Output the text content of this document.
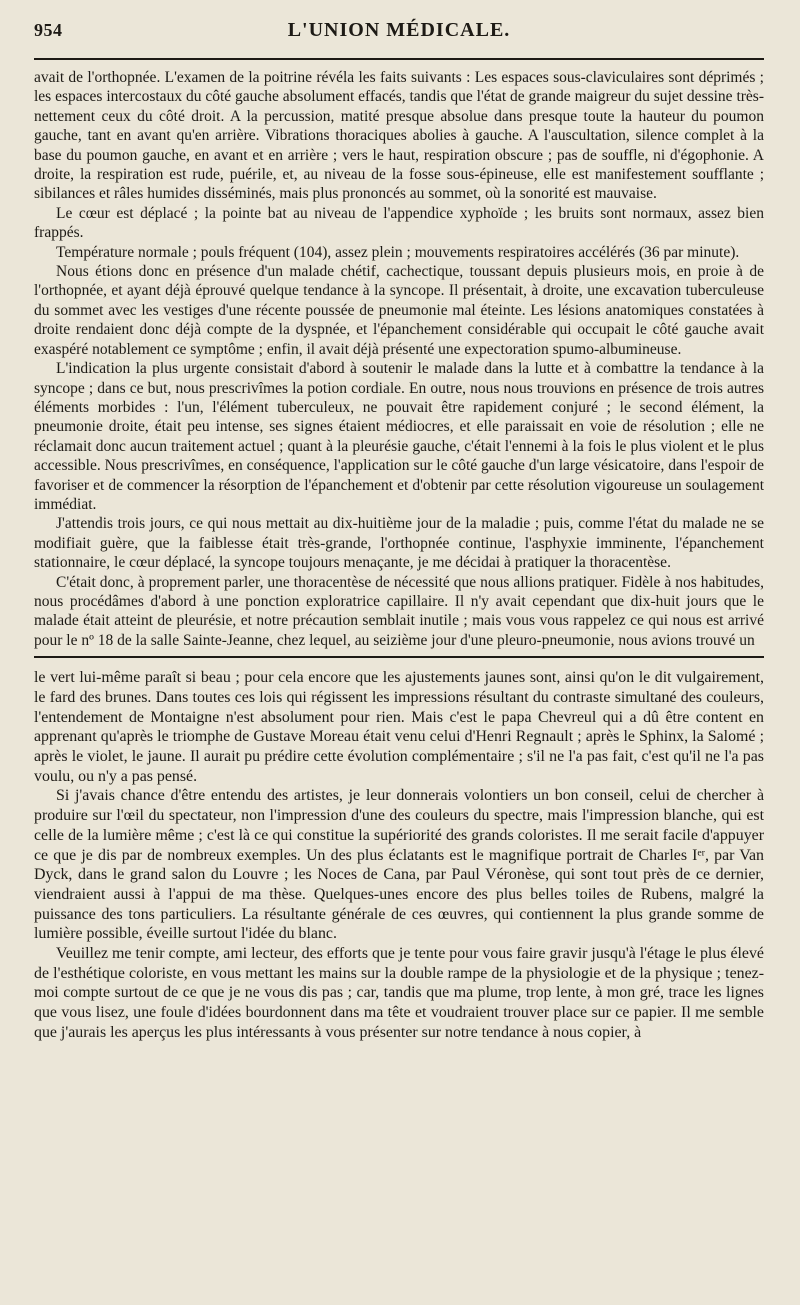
954	L'UNION MÉDICALE.

avait de l'orthopnée. L'examen de la poitrine révéla les faits suivants : Les espaces sous-claviculaires sont déprimés ; les espaces intercostaux du côté gauche absolument effacés, tandis que l'état de grande maigreur du sujet dessine très-nettement ceux du côté droit. A la percussion, matité presque absolue dans presque toute la hauteur du poumon gauche, tant en avant qu'en arrière. Vibrations thoraciques abolies à gauche. A l'auscultation, silence complet à la base du poumon gauche, en avant et en arrière ; vers le haut, respiration obscure ; pas de souffle, ni d'égophonie. A droite, la respiration est rude, puérile, et, au niveau de la fosse sous-épineuse, elle est manifestement soufflante ; sibilances et râles humides disséminés, mais plus prononcés au sommet, où la sonorité est mauvaise.

Le cœur est déplacé ; la pointe bat au niveau de l'appendice xyphoïde ; les bruits sont normaux, assez bien frappés.

Température normale ; pouls fréquent (104), assez plein ; mouvements respiratoires accélérés (36 par minute).

Nous étions donc en présence d'un malade chétif, cachectique, toussant depuis plusieurs mois, en proie à de l'orthopnée, et ayant déjà éprouvé quelque tendance à la syncope. Il présentait, à droite, une excavation tuberculeuse du sommet avec les vestiges d'une récente poussée de pneumonie mal éteinte. Les lésions anatomiques constatées à droite rendaient donc déjà compte de la dyspnée, et l'épanchement considérable qui occupait le côté gauche avait exaspéré notablement ce symptôme ; enfin, il avait déjà présenté une expectoration spumo-albumineuse.

L'indication la plus urgente consistait d'abord à soutenir le malade dans la lutte et à combattre la tendance à la syncope ; dans ce but, nous prescrivîmes la potion cordiale. En outre, nous nous trouvions en présence de trois autres éléments morbides : l'un, l'élément tuberculeux, ne pouvait être rapidement conjuré ; le second élément, la pneumonie droite, était peu intense, ses signes étaient médiocres, et elle paraissait en voie de résolution ; elle ne réclamait donc aucun traitement actuel ; quant à la pleurésie gauche, c'était l'ennemi à la fois le plus violent et le plus accessible. Nous prescrivîmes, en conséquence, l'application sur le côté gauche d'un large vésicatoire, dans l'espoir de favoriser et de commencer la résorption de l'épanchement et d'obtenir par cette résolution vigoureuse un soulagement immédiat.

J'attendis trois jours, ce qui nous mettait au dix-huitième jour de la maladie ; puis, comme l'état du malade ne se modifiait guère, que la faiblesse était très-grande, l'orthopnée continue, l'asphyxie imminente, l'épanchement stationnaire, le cœur déplacé, la syncope toujours menaçante, je me décidai à pratiquer la thoracentèse.

C'était donc, à proprement parler, une thoracentèse de nécessité que nous allions pratiquer. Fidèle à nos habitudes, nous procédâmes d'abord à une ponction exploratrice capillaire. Il n'y avait cependant que dix-huit jours que le malade était atteint de pleurésie, et notre précaution semblait inutile ; mais vous vous rappelez ce qui nous est arrivé pour le nº 18 de la salle Sainte-Jeanne, chez lequel, au seizième jour d'une pleuro-pneumonie, nous avions trouvé un

le vert lui-même paraît si beau ; pour cela encore que les ajustements jaunes sont, ainsi qu'on le dit vulgairement, le fard des brunes. Dans toutes ces lois qui régissent les impressions résultant du contraste simultané des couleurs, l'entendement de Montaigne n'est absolument pour rien. Mais c'est le papa Chevreul qui a dû être content en apprenant qu'après le triomphe de Gustave Moreau était venu celui d'Henri Regnault ; après le Sphinx, la Salomé ; après le violet, le jaune. Il aurait pu prédire cette évolution complémentaire ; s'il ne l'a pas fait, c'est qu'il ne l'a pas voulu, ou n'y a pas pensé.

Si j'avais chance d'être entendu des artistes, je leur donnerais volontiers un bon conseil, celui de chercher à produire sur l'œil du spectateur, non l'impression d'une des couleurs du spectre, mais l'impression blanche, qui est celle de la lumière même ; c'est là ce qui constitue la supériorité des grands coloristes. Il me serait facile d'appuyer ce que je dis par de nombreux exemples. Un des plus éclatants est le magnifique portrait de Charles Iᵉʳ, par Van Dyck, dans le grand salon du Louvre ; les Noces de Cana, par Paul Véronèse, qui sont tout près de ce dernier, viendraient aussi à l'appui de ma thèse. Quelques-unes encore des plus belles toiles de Rubens, malgré la puissance des tons particuliers. La résultante générale de ces œuvres, qui contiennent la plus grande somme de lumière possible, éveille surtout l'idée du blanc.

Veuillez me tenir compte, ami lecteur, des efforts que je tente pour vous faire gravir jusqu'à l'étage le plus élevé de l'esthétique coloriste, en vous mettant les mains sur la double rampe de la physiologie et de la physique ; tenez-moi compte surtout de ce que je ne vous dis pas ; car, tandis que ma plume, trop lente, à mon gré, trace les lignes que vous lisez, une foule d'idées bourdonnent dans ma tête et voudraient trouver place sur ce papier. Il me semble que j'aurais les aperçus les plus intéressants à vous présenter sur notre tendance à nous copier, à
